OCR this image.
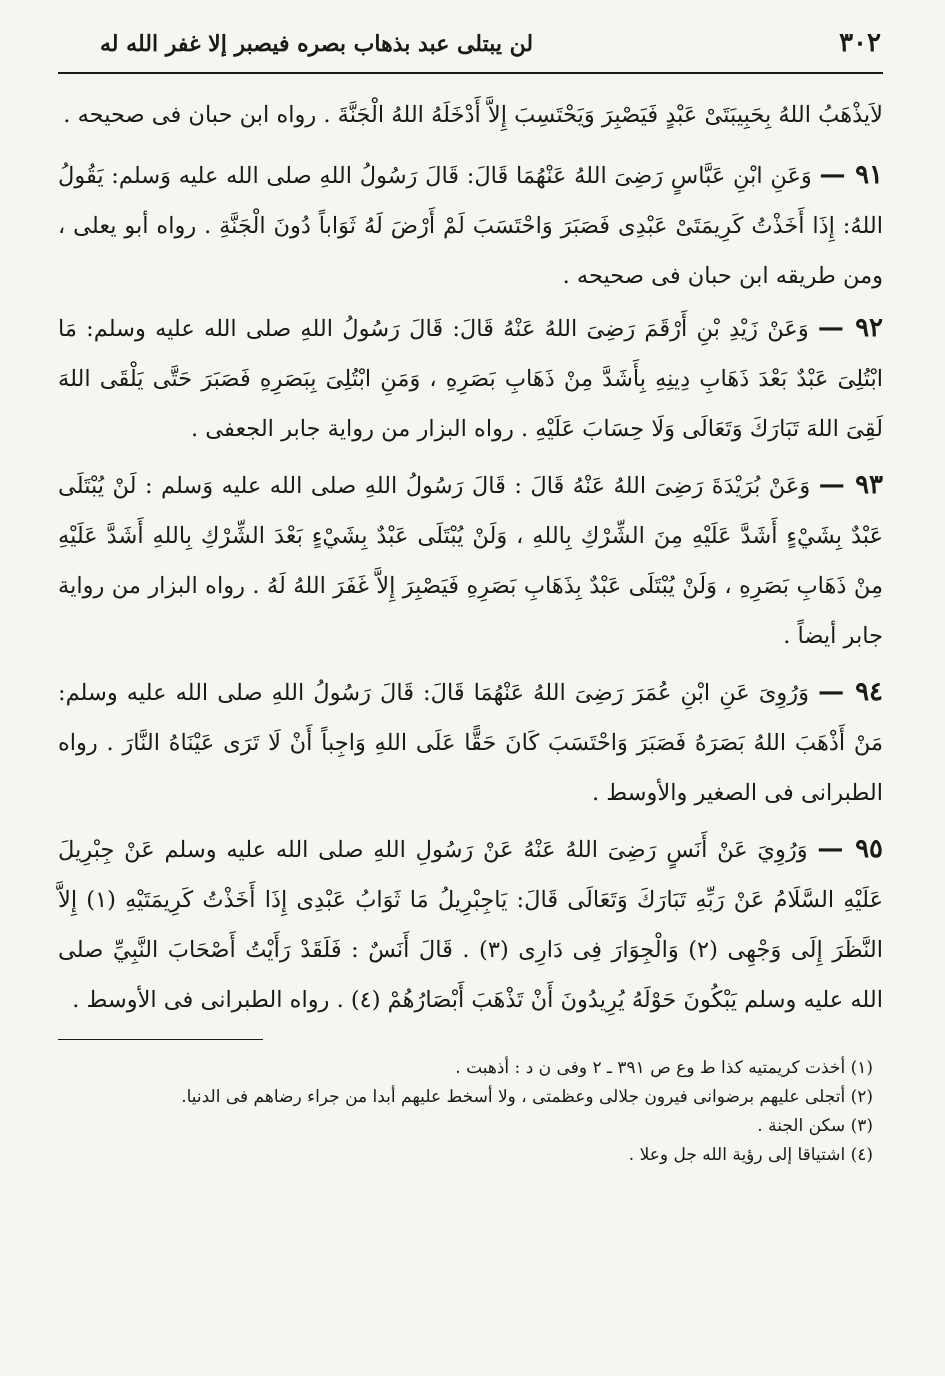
٣٠٢
لن يبتلى عبد بذهاب بصره فيصبر إلا غفر الله له

لاَيذْهَبُ اللهُ بِحَبِيبَتَىْ عَبْدٍ فَيَصْبِرَ وَيَحْتَسِبَ إِلاَّ أَدْخَلَهُ اللهُ الْجَنَّةَ . رواه ابن حبان فى صحيحه .

٩١ — وَعَنِ ابْنِ عَبَّاسٍ رَضِىَ اللهُ عَنْهُمَا قَالَ: قَالَ رَسُولُ اللهِ صلى الله عليه وَسلم: يَقُولُ اللهُ: إِذَا أَخَذْتُ كَرِيمَتَىْ عَبْدِى فَصَبَرَ وَاحْتَسَبَ لَمْ أَرْضَ لَهُ ثَوَاباً دُونَ الْجَنَّةِ . رواه أبو يعلى ، ومن طريقه ابن حبان فى صحيحه .

٩٢ — وَعَنْ زَيْدِ بْنِ أَرْقَمَ رَضِىَ اللهُ عَنْهُ قَالَ: قَالَ رَسُولُ اللهِ صلى الله عليه وسلم: مَا ابْتُلِىَ عَبْدٌ بَعْدَ ذَهَابِ دِينِهِ بِأَشَدَّ مِنْ ذَهَابِ بَصَرِهِ ، وَمَنِ ابْتُلِىَ بِبَصَرِهِ فَصَبَرَ حَتَّى يَلْقَى اللهَ لَقِىَ اللهَ تَبَارَكَ وَتَعَالَى وَلَا حِسَابَ عَلَيْهِ . رواه البزار من رواية جابر الجعفى .

٩٣ — وَعَنْ بُرَيْدَةَ رَضِىَ اللهُ عَنْهُ قَالَ : قَالَ رَسُولُ اللهِ صلى الله عليه وَسلم : لَنْ يُبْتَلَى عَبْدٌ بِشَيْءٍ أَشَدَّ عَلَيْهِ مِنَ الشِّرْكِ بِاللهِ ، وَلَنْ يُبْتَلَى عَبْدٌ بِشَيْءٍ بَعْدَ الشِّرْكِ بِاللهِ أَشَدَّ عَلَيْهِ مِنْ ذَهَابِ بَصَرِهِ ، وَلَنْ يُبْتَلَى عَبْدٌ بِذَهَابِ بَصَرِهِ فَيَصْبِرَ إِلاَّ غَفَرَ اللهُ لَهُ . رواه البزار من رواية جابر أيضاً .

٩٤ — وَرُوِىَ عَنِ ابْنِ عُمَرَ رَضِىَ اللهُ عَنْهُمَا قَالَ: قَالَ رَسُولُ اللهِ صلى الله عليه وسلم: مَنْ أَذْهَبَ اللهُ بَصَرَهُ فَصَبَرَ وَاحْتَسَبَ كَانَ حَقًّا عَلَى اللهِ وَاجِباً أَنْ لَا تَرَى عَيْنَاهُ النَّارَ . رواه الطبرانى فى الصغير والأوسط .

٩٥ — وَرُوِيَ عَنْ أَنَسٍ رَضِىَ اللهُ عَنْهُ عَنْ رَسُولِ اللهِ صلى الله عليه وسلم عَنْ جِبْرِيلَ عَلَيْهِ السَّلَامُ عَنْ رَبِّهِ تَبَارَكَ وَتَعَالَى قَالَ: يَاجِبْرِيلُ مَا ثَوَابُ عَبْدِى إِذَا أَخَذْتُ كَرِيمَتَيْهِ (١) إِلاَّ النَّظَرَ إِلَى وَجْهِى (٢) وَالْجِوَارَ فِى دَارِى (٣) . قَالَ أَنَسٌ : فَلَقَدْ رَأَيْتُ أَصْحَابَ النَّبِيِّ صلى الله عليه وسلم يَبْكُونَ حَوْلَهُ يُرِيدُونَ أَنْ تَذْهَبَ أَبْصَارُهُمْ (٤) . رواه الطبرانى فى الأوسط .

(١) أخذت كريمتيه كذا ط وع ص ٣٩١ ـ ٢ وفى ن د : أذهبت .
(٢) أتجلى عليهم برضوانى فيرون جلالى وعظمتى ، ولا أسخط عليهم أبدا من جراء رضاهم فى الدنيا.
(٣) سكن الجنة .
(٤) اشتياقا إلى رؤية الله جل وعلا .
